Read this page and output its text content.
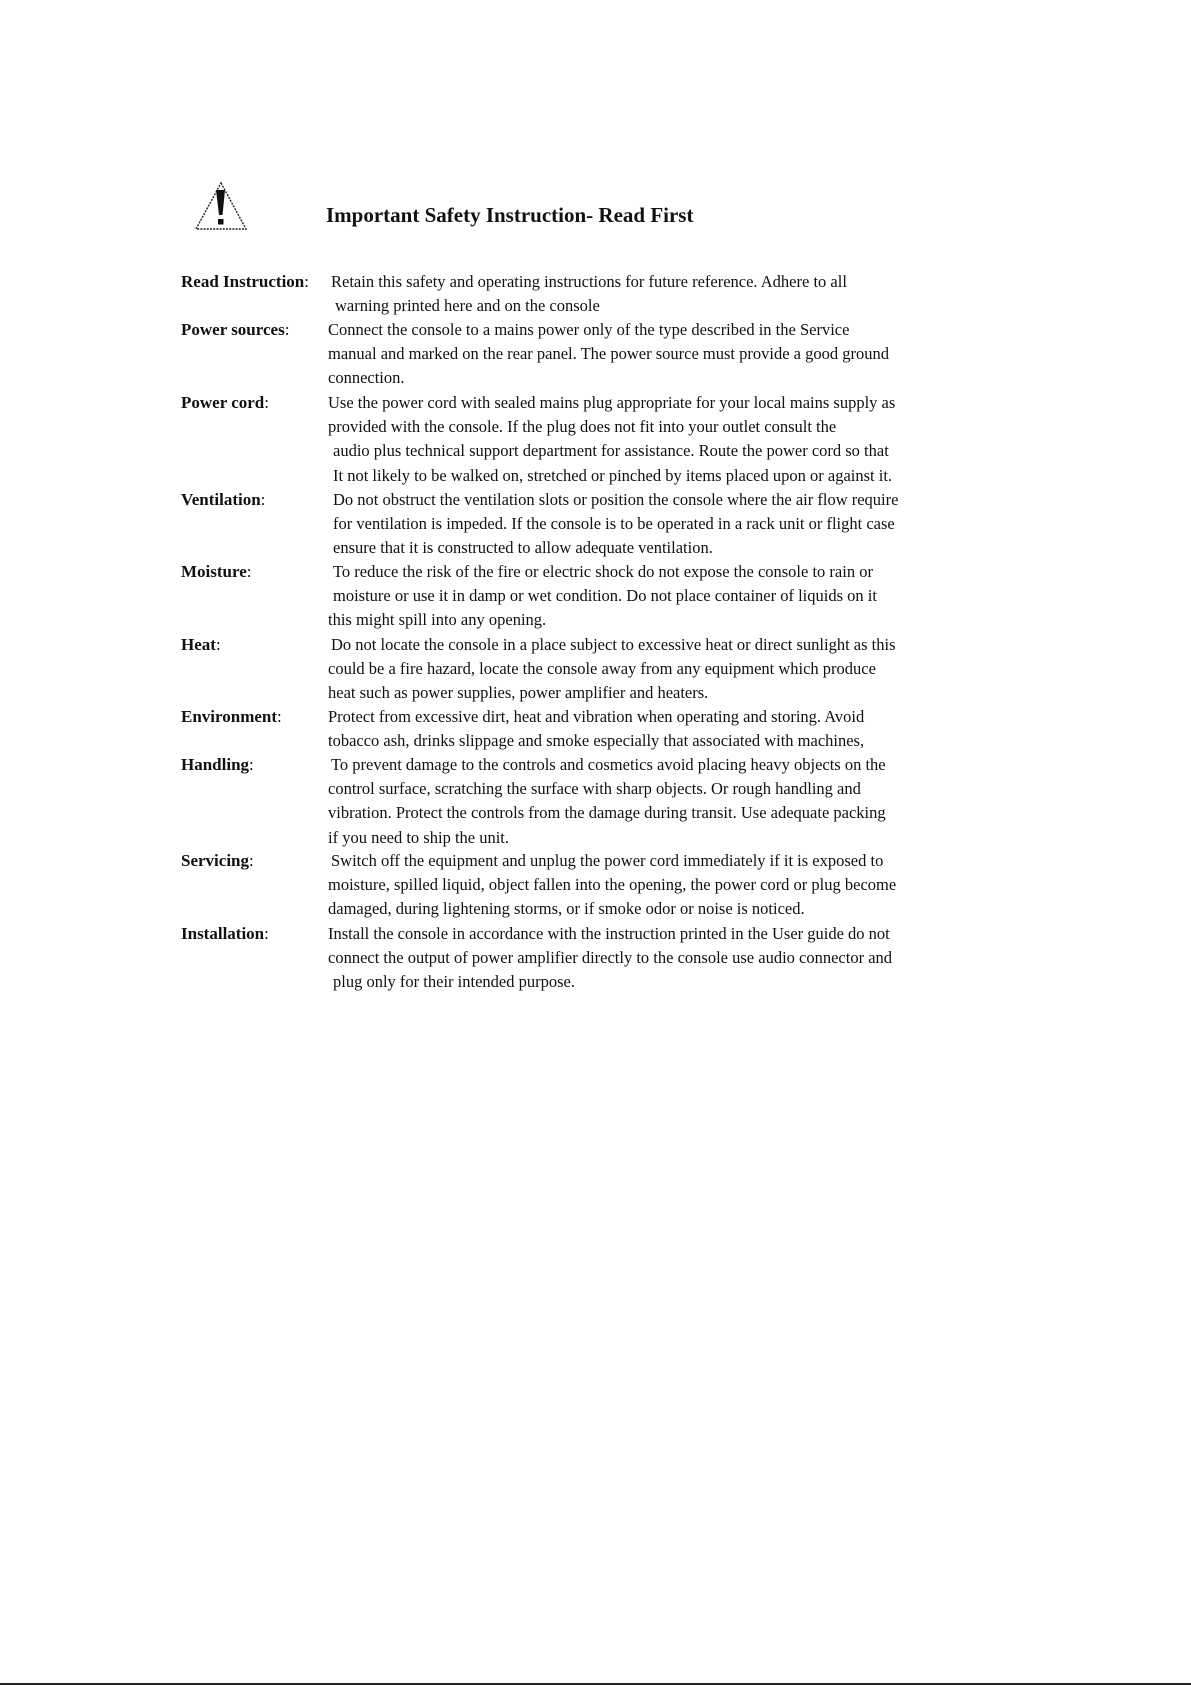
Important Safety Instruction- Read First
Read Instruction: Retain this safety and operating instructions for future reference. Adhere to all
warning printed here and on the console
Power sources: Connect the console to a mains power only of the type described in the Service
manual and marked on the rear panel. The power source must provide a good ground
connection.
Power cord:	Use the power cord with sealed mains plug appropriate for your local mains supply as
provided with the console. If the plug does not fit into your outlet consult the
audio plus technical support department for assistance. Route the power cord so that
It not likely to be walked on, stretched or pinched by items placed upon or against it.
Ventilation:	Do not obstruct the ventilation slots or position the console where the air flow require
for ventilation is impeded. If the console is to be operated in a rack unit or flight case
ensure that it is constructed to allow adequate ventilation.
Moisture:	To reduce the risk of the fire or electric shock do not expose the console to rain or
moisture or use it in damp or wet condition. Do not place container of liquids on it
this might spill into any opening.
Heat:	Do not locate the console in a place subject to excessive heat or direct sunlight as this
could be a fire hazard, locate the console away from any equipment which produce
heat such as power supplies, power amplifier and heaters.
Environment:	Protect from excessive dirt, heat and vibration when operating and storing. Avoid
tobacco ash, drinks slippage and smoke especially that associated with machines,
Handling:	To prevent damage to the controls and cosmetics avoid placing heavy objects on the
control surface, scratching the surface with sharp objects. Or rough handling and
vibration. Protect the controls from the damage during transit. Use adequate packing
if you need to ship the unit.
Servicing:	Switch off the equipment and unplug the power cord immediately if it is exposed to
moisture, spilled liquid, object fallen into the opening, the power cord or plug become
damaged, during lightening storms, or if smoke odor or noise is noticed.
Installation:	Install the console in accordance with the instruction printed in the User guide do not
connect the output of power amplifier directly to the console use audio connector and
plug only for their intended purpose.
